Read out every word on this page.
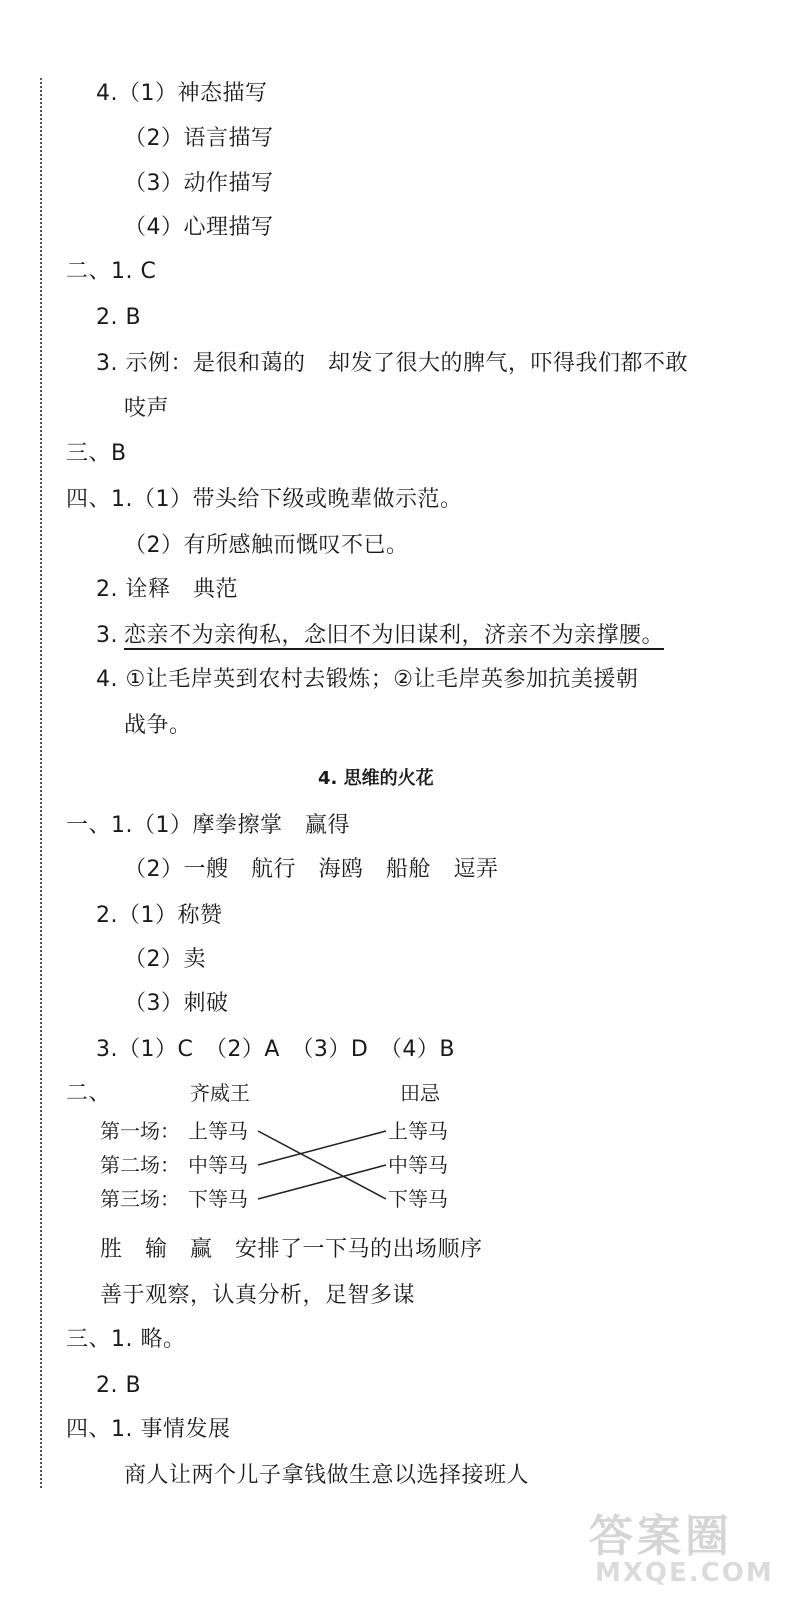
4.（1）神态描写
（2）语言描写
（3）动作描写
（4）心理描写
二、1. C
2. B
3. 示例：是很和蔼的　却发了很大的脾气，吓得我们都不敢
吱声
三、B
四、1.（1）带头给下级或晚辈做示范。
（2）有所感触而慨叹不已。
2. 诠释　典范
3.
恋亲不为亲徇私，念旧不为旧谋利，济亲不为亲撑腰。
4. ①让毛岸英到农村去锻炼；②让毛岸英参加抗美援朝
战争。
4. 思维的火花
一、1.（1）摩拳擦掌　赢得
（2）一艘　航行　海鸥　船舱　逗弄
2.（1）称赞
（2）卖
（3）刺破
3.（1）C　（2）A　（3）D　（4）B
二、	齐威王	田忌
第一场： 上等马	上等马
第二场： 中等马	中等马
第三场： 下等马	下等马
胜　输　赢　安排了一下马的出场顺序
善于观察，认真分析，足智多谋
三、1. 略。
2. B
四、1. 事情发展
商人让两个儿子拿钱做生意以选择接班人
答案圈
MXQE.COM
